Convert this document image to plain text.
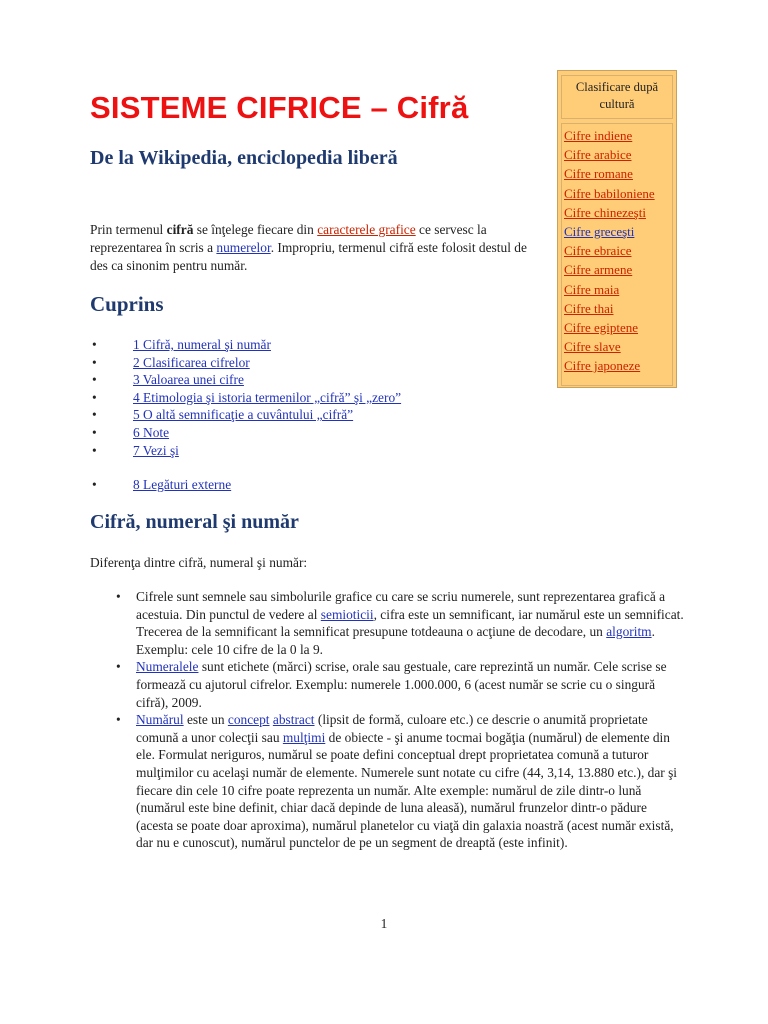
SISTEME CIFRICE – Cifră
De la Wikipedia, enciclopedia liberă

Prin termenul cifră se înţelege fiecare din caracterele grafice ce servesc la reprezentarea în scris a numerelor. Impropriu, termenul cifră este folosit destul de des ca sinonim pentru număr.

Cuprins
• 1 Cifră, numeral şi număr
• 2 Clasificarea cifrelor
• 3 Valoarea unei cifre
• 4 Etimologia şi istoria termenilor „cifră” şi „zero”
• 5 O altă semnificaţie a cuvântului „cifră”
• 6 Note
• 7 Vezi şi
• 8 Legături externe
Cifră, numeral şi număr

Diferenţa dintre cifră, numeral şi număr:

• Cifrele sunt semnele sau simbolurile grafice cu care se scriu numerele, sunt reprezentarea grafică a acestuia. Din punctul de vedere al semioticii, cifra este un semnificant, iar numărul este un semnificat. Trecerea de la semnificant la semnificat presupune totdeauna o acţiune de decodare, un algoritm. Exemplu: cele 10 cifre de la 0 la 9.
• Numeralele sunt etichete (mărci) scrise, orale sau gestuale, care reprezintă un număr. Cele scrise se formează cu ajutorul cifrelor. Exemplu: numerele 1.000.000, 6 (acest număr se scrie cu o singură cifră), 2009.
• Numărul este un concept abstract (lipsit de formă, culoare etc.) ce descrie o anumită proprietate comună a unor colecţii sau mulţimi de obiecte - şi anume tocmai bogăţia (numărul) de elemente din ele. Formulat neriguros, numărul se poate defini conceptual drept proprietatea comună a tuturor mulţimilor cu acelaşi număr de elemente. Numerele sunt notate cu cifre (44, 3,14, 13.880 etc.), dar şi fiecare din cele 10 cifre poate reprezenta un număr. Alte exemple: numărul de zile dintr-o lună (numărul este bine definit, chiar dacă depinde de luna aleasă), numărul frunzelor dintr-o pădure (acesta se poate doar aproxima), numărul planetelor cu viaţă din galaxia noastră (acest număr există, dar nu e cunoscut), numărul punctelor de pe un segment de dreaptă (este infinit).
1
Clasificare după cultură
Cifre indiene
Cifre arabice
Cifre romane
Cifre babiloniene
Cifre chinezeşti
Cifre greceşti
Cifre ebraice
Cifre armene
Cifre maia
Cifre thai
Cifre egiptene
Cifre slave
Cifre japoneze
